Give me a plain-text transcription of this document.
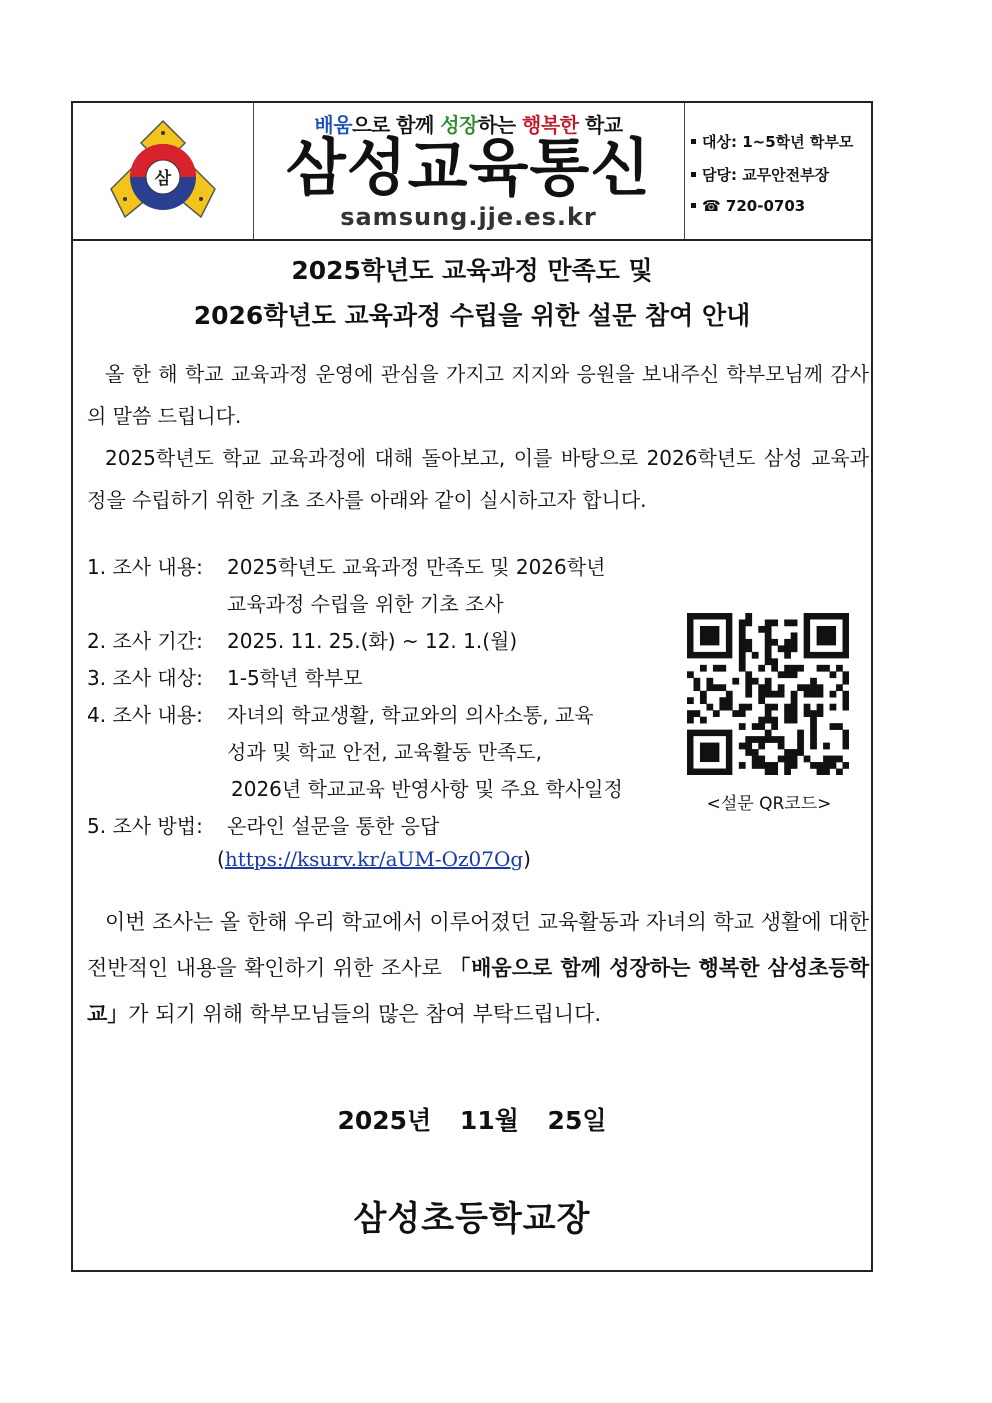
삼
배움으로 함께 성장하는 행복한 학교
삼성교육통신
samsung.jje.es.kr
대상: 1~5학년 학부모
담당: 교무안전부장
☎ 720-0703
2025학년도 교육과정 만족도 및
2026학년도 교육과정 수립을 위한 설문 참여 안내
올 한 해 학교 교육과정 운영에 관심을 가지고 지지와 응원을 보내주신 학부모님께 감사의 말씀 드립니다.
2025학년도 학교 교육과정에 대해 돌아보고, 이를 바탕으로 2026학년도 삼성 교육과정을 수립하기 위한 기초 조사를 아래와 같이 실시하고자 합니다.
1. 조사 내용: 2025학년도 교육과정 만족도 및 2026학년
교육과정 수립을 위한 기초 조사
2. 조사 기간: 2025. 11. 25.(화) ~ 12. 1.(월)
3. 조사 대상: 1-5학년 학부모
4. 조사 내용: 자녀의 학교생활, 학교와의 의사소통, 교육
성과 및 학교 안전, 교육활동 만족도,
2026년 학교교육 반영사항 및 주요 학사일정
5. 조사 방법: 온라인 설문을 통한 응답
(https://ksurv.kr/aUM-Oz07Og)
<설문 QR코드>
이번 조사는 올 한해 우리 학교에서 이루어졌던 교육활동과 자녀의 학교 생활에 대한 전반적인 내용을 확인하기 위한 조사로 「배움으로 함께 성장하는 행복한 삼성초등학교」가 되기 위해 학부모님들의 많은 참여 부탁드립니다.
2025년 11월 25일
삼성초등학교장
